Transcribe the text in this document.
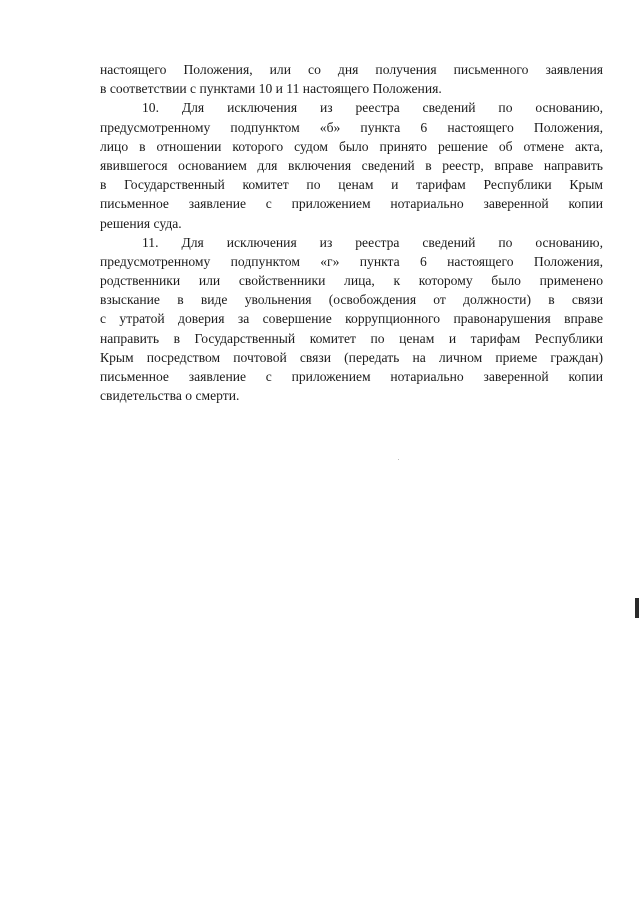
настоящего Положения, или со дня получения письменного заявления
в соответствии с пунктами 10 и 11 настоящего Положения.
10. Для исключения из реестра сведений по основанию,
предусмотренному подпунктом «б» пункта 6 настоящего Положения,
лицо в отношении которого судом было принято решение об отмене акта,
явившегося основанием для включения сведений в реестр, вправе направить
в Государственный комитет по ценам и тарифам Республики Крым
письменное заявление с приложением нотариально заверенной копии
решения суда.
11. Для исключения из реестра сведений по основанию,
предусмотренному подпунктом «г» пункта 6 настоящего Положения,
родственники или свойственники лица, к которому было применено
взыскание в виде увольнения (освобождения от должности) в связи
с утратой доверия за совершение коррупционного правонарушения вправе
направить в Государственный комитет по ценам и тарифам Республики
Крым посредством почтовой связи (передать на личном приеме граждан)
письменное заявление с приложением нотариально заверенной копии
свидетельства о смерти.
